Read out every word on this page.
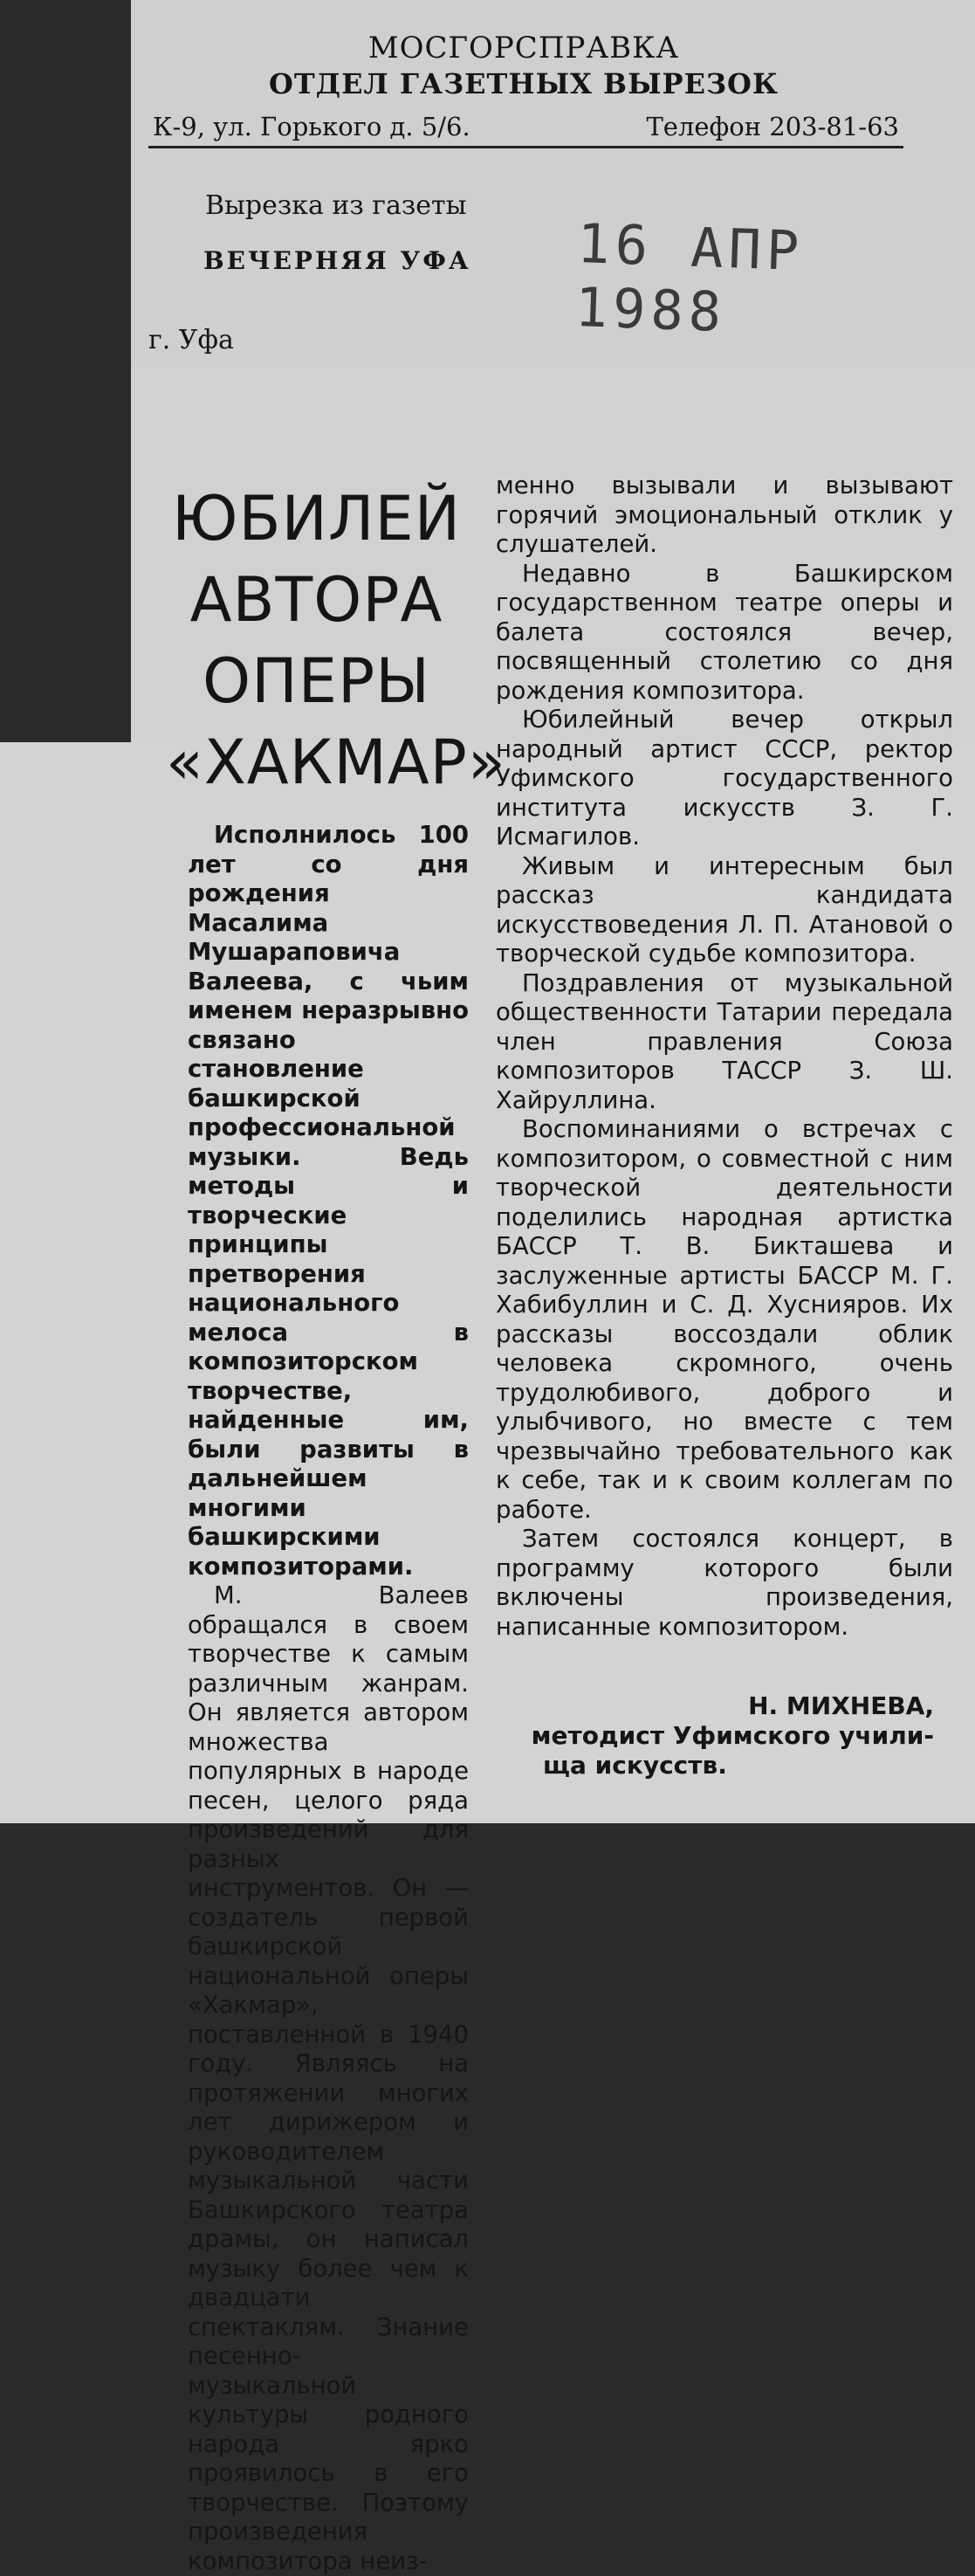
МОСГОРСПРАВКА
ОТДЕЛ ГАЗЕТНЫХ ВЫРЕЗОК
К-9, ул. Горького д. 5/6.	Телефон 203-81-63
Вырезка из газеты
ВЕЧЕРНЯЯ УФА
г. Уфа
16 АПР 1988
ЮБИЛЕЙ
АВТОРА
ОПЕРЫ
«ХАКМАР»

Исполнилось 100 лет со дня рождения Масалима Мушараповича Валеева, с чьим именем неразрывно связано становление башкирской профессиональной музыки. Ведь методы и творческие принципы претворения национального мелоса в композиторском творчестве, найденные им, были развиты в дальнейшем многими башкирскими композиторами.

М. Валеев обращался в своем творчестве к самым различным жанрам. Он является автором множества популярных в народе песен, целого ряда произведений для разных инструментов. Он — создатель первой башкирской национальной оперы «Хакмар», поставленной в 1940 году. Являясь на протяжении многих лет дирижером и руководителем музыкальной части Башкирского театра драмы, он написал музыку более чем к двадцати спектаклям. Знание песенно-музыкальной культуры родного народа ярко проявилось в его творчестве. Поэтому произведения композитора неиз-

менно вызывали и вызывают горячий эмоциональный отклик у слушателей.

Недавно в Башкирском государственном театре оперы и балета состоялся вечер, посвященный столетию со дня рождения композитора.

Юбилейный вечер открыл народный артист СССР, ректор Уфимского государственного института искусств З. Г. Исмагилов.

Живым и интересным был рассказ кандидата искусствоведения Л. П. Атановой о творческой судьбе композитора.

Поздравления от музыкальной общественности Татарии передала член правления Союза композиторов ТАССР З. Ш. Хайруллина.

Воспоминаниями о встречах с композитором, о совместной с ним творческой деятельности поделились народная артистка БАССР Т. В. Бикташева и заслуженные артисты БАССР М. Г. Хабибуллин и С. Д. Хуснияров. Их рассказы воссоздали облик человека скромного, очень трудолюбивого, доброго и улыбчивого, но вместе с тем чрезвычайно требовательного как к себе, так и к своим коллегам по работе.

Затем состоялся концерт, в программу которого были включены произведения, написанные композитором.

Н. МИХНЕВА,
методист Уфимского учили-
ща искусств.
